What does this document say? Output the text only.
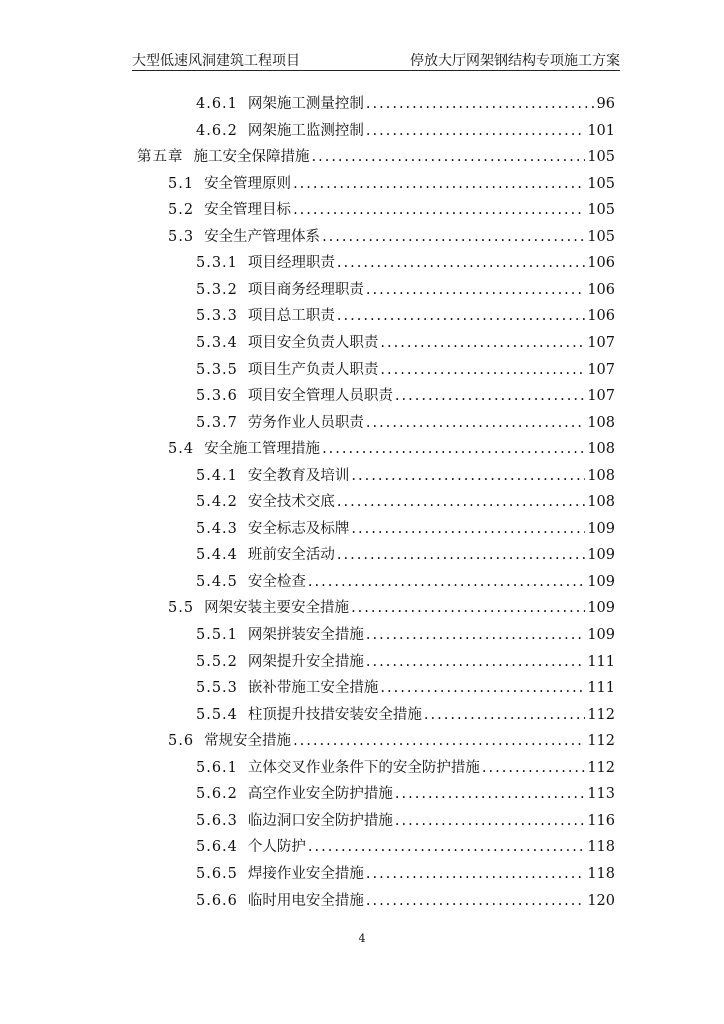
大型低速风洞建筑工程项目	停放大厅网架钢结构专项施工方案
4.6.1 网架施工测量控制 .....	96
4.6.2 网架施工监测控制 .....	101
第五章 施工安全保障措施 .....	105
5.1 安全管理原则 .....	105
5.2 安全管理目标 .....	105
5.3 安全生产管理体系 .....	105
5.3.1 项目经理职责 .....	106
5.3.2 项目商务经理职责 .....	106
5.3.3 项目总工职责 .....	106
5.3.4 项目安全负责人职责 .....	107
5.3.5 项目生产负责人职责 .....	107
5.3.6 项目安全管理人员职责 .....	107
5.3.7 劳务作业人员职责 .....	108
5.4 安全施工管理措施 .....	108
5.4.1 安全教育及培训 .....	108
5.4.2 安全技术交底 .....	108
5.4.3 安全标志及标牌 .....	109
5.4.4 班前安全活动 .....	109
5.4.5 安全检查 .....	109
5.5 网架安装主要安全措施 .....	109
5.5.1 网架拼装安全措施 .....	109
5.5.2 网架提升安全措施 .....	111
5.5.3 嵌补带施工安全措施 .....	111
5.5.4 柱顶提升技措安装安全措施 .....	112
5.6 常规安全措施 .....	112
5.6.1 立体交叉作业条件下的安全防护措施 .....	112
5.6.2 高空作业安全防护措施 .....	113
5.6.3 临边洞口安全防护措施 .....	116
5.6.4 个人防护 .....	118
5.6.5 焊接作业安全措施 .....	118
5.6.6 临时用电安全措施 .....	120
4
